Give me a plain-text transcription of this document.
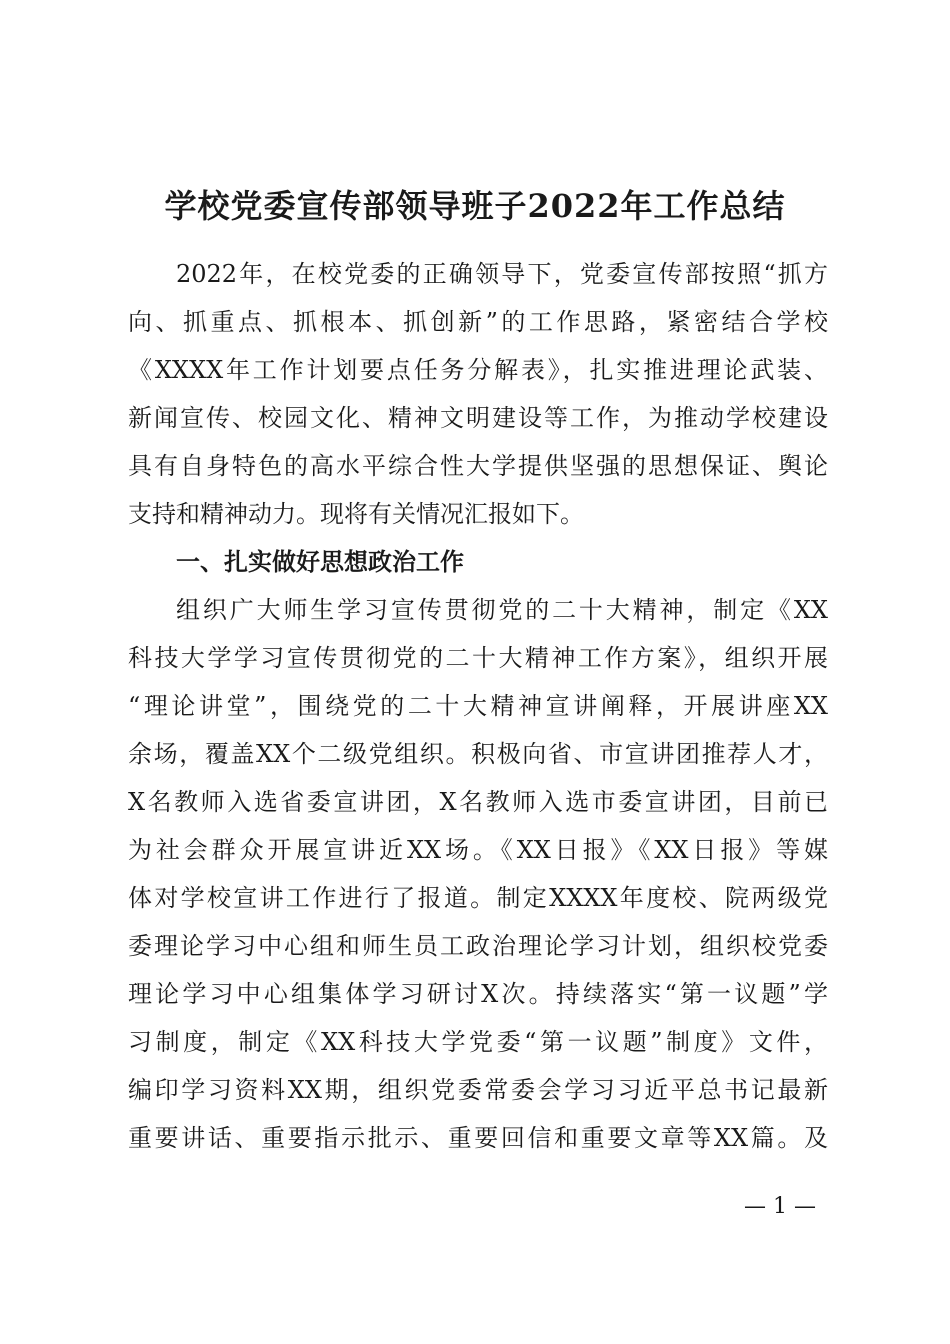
学校党委宣传部领导班子2022年工作总结
2022年，在校党委的正确领导下，党委宣传部按照“抓方
向、抓重点、抓根本、抓创新”的工作思路，紧密结合学校
《XXXX年工作计划要点任务分解表》，扎实推进理论武装、
新闻宣传、校园文化、精神文明建设等工作，为推动学校建设
具有自身特色的高水平综合性大学提供坚强的思想保证、舆论
支持和精神动力。现将有关情况汇报如下。
一、扎实做好思想政治工作
组织广大师生学习宣传贯彻党的二十大精神，制定《XX
科技大学学习宣传贯彻党的二十大精神工作方案》，组织开展
“理论讲堂”，围绕党的二十大精神宣讲阐释，开展讲座XX
余场，覆盖XX个二级党组织。积极向省、市宣讲团推荐人才，
X名教师入选省委宣讲团，X名教师入选市委宣讲团，目前已
为社会群众开展宣讲近XX场。《XX日报》《XX日报》等媒
体对学校宣讲工作进行了报道。制定XXXX年度校、院两级党
委理论学习中心组和师生员工政治理论学习计划，组织校党委
理论学习中心组集体学习研讨X次。持续落实“第一议题”学
习制度，制定《XX科技大学党委“第一议题”制度》文件，
编印学习资料XX期，组织党委常委会学习习近平总书记最新
重要讲话、重要指示批示、重要回信和重要文章等XX篇。及
— 1 —
